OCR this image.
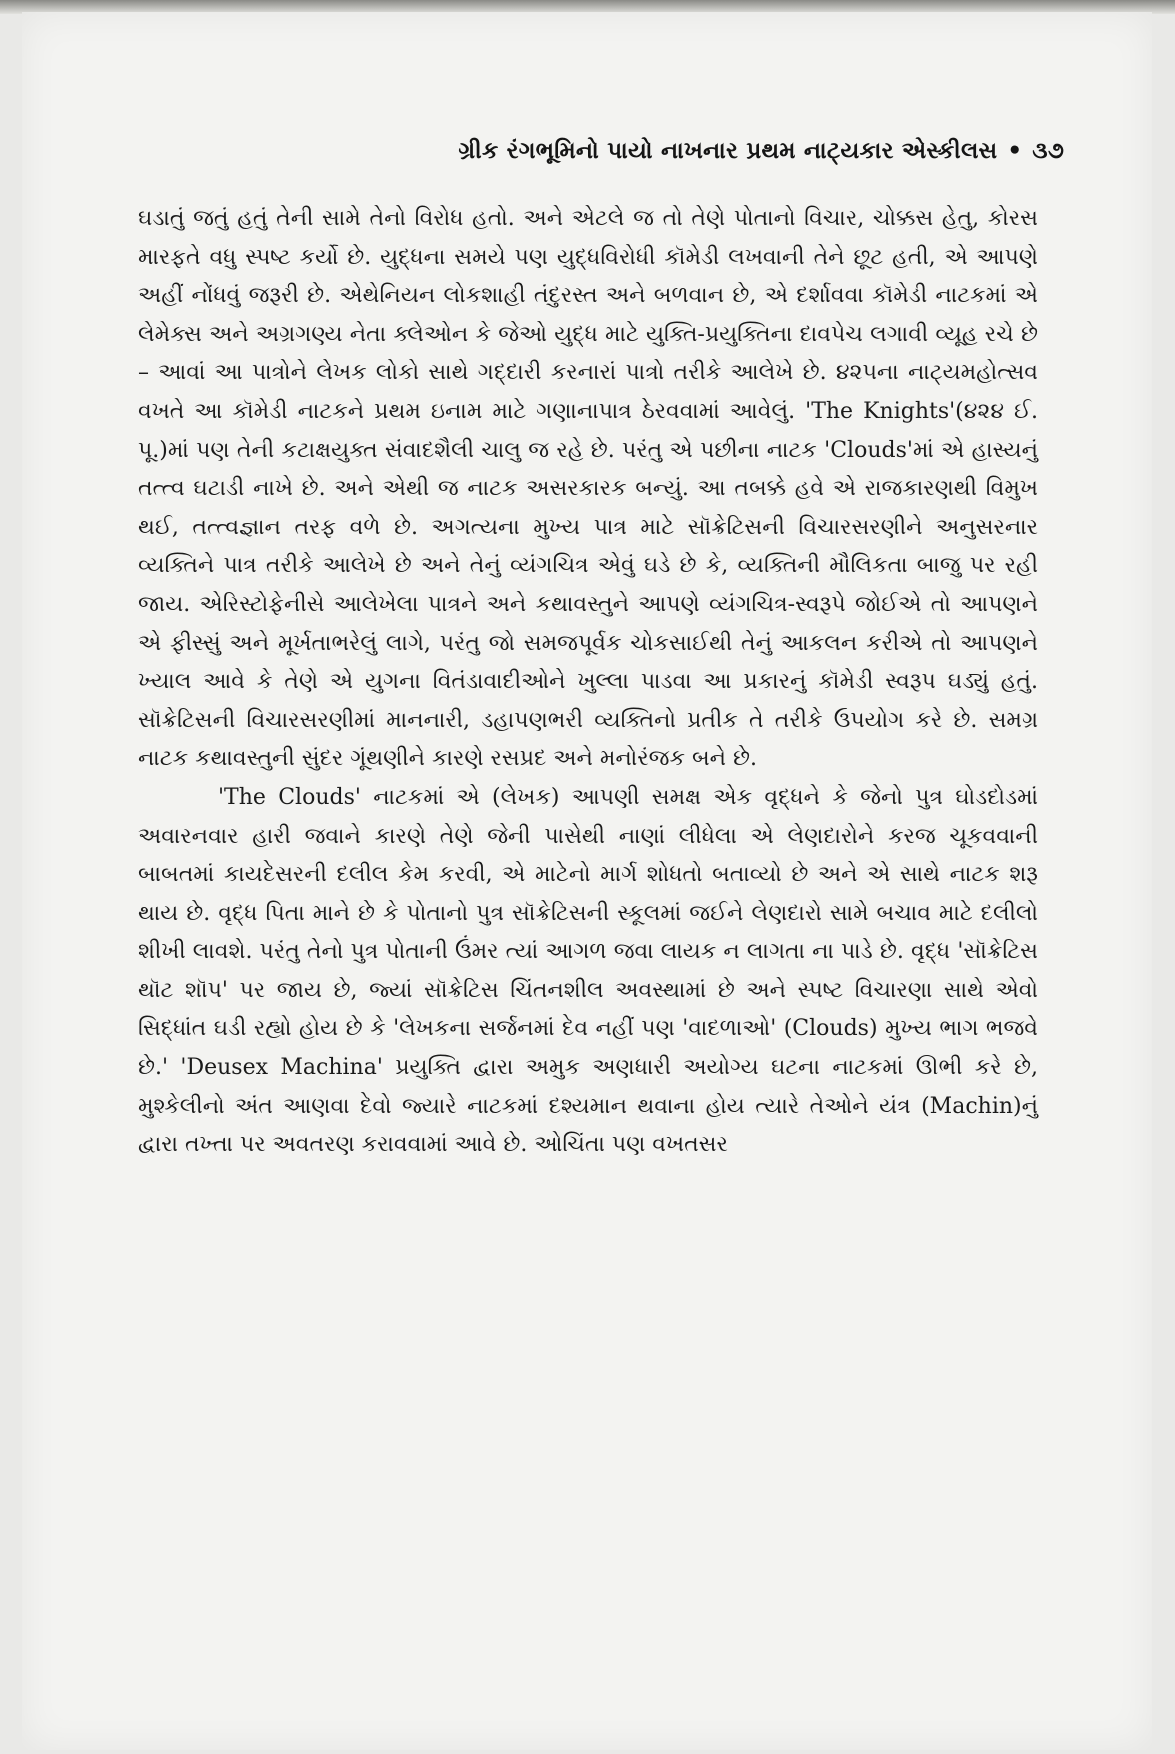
ગ્રીક રંગભૂમિનો પાયો નાખનાર પ્રથમ નાટ્યકાર એસ્કીલસ • ૩૭

ઘડાતું જતું હતું તેની સામે તેનો વિરોધ હતો. અને એટલે જ તો તેણે પોતાનો વિચાર, ચોક્કસ હેતુ, કોરસ મારફતે વધુ સ્પષ્ટ કર્યો છે. યુદ્ધના સમયે પણ યુદ્ધવિરોધી કૉમેડી લખવાની તેને છૂટ હતી, એ આપણે અહીં નોંધવું જરૂરી છે. એથેનિયન લોકશાહી તંદુરસ્ત અને બળવાન છે, એ દર્શાવવા કૉમેડી નાટકમાં એ લેમેક્સ અને અગ્રગણ્ય નેતા ક્લેઓન કે જેઓ યુદ્ધ માટે યુક્તિ-પ્રયુક્તિના દાવપેચ લગાવી વ્યૂહ રચે છે – આવાં આ પાત્રોને લેખક લોકો સાથે ગદ્દારી કરનારાં પાત્રો તરીકે આલેખે છે. ૪૨૫ના નાટ્યમહોત્સવ વખતે આ કૉમેડી નાટકને પ્રથમ ઇનામ માટે ગણાનાપાત્ર ઠેરવવામાં આવેલું. 'The Knights'(૪૨૪ ઈ. પૂ.)માં પણ તેની કટાક્ષયુક્ત સંવાદશૈલી ચાલુ જ રહે છે. પરંતુ એ પછીના નાટક 'Clouds'માં એ હાસ્યનું તત્ત્વ ઘટાડી નાખે છે. અને એથી જ નાટક અસરકારક બન્યું. આ તબક્કે હવે એ રાજકારણથી વિમુખ થઈ, તત્ત્વજ્ઞાન તરફ વળે છે. અગત્યના મુખ્ય પાત્ર માટે સૉક્રેટિસની વિચારસરણીને અનુસરનાર વ્યક્તિને પાત્ર તરીકે આલેખે છે અને તેનું વ્યંગચિત્ર એવું ઘડે છે કે, વ્યક્તિની મૌલિકતા બાજુ પર રહી જાય. એરિસ્ટોફેનીસે આલેખેલા પાત્રને અને કથાવસ્તુને આપણે વ્યંગચિત્ર-સ્વરૂપે જોઈએ તો આપણને એ ફીસ્સું અને મૂર્ખતાભરેલું લાગે, પરંતુ જો સમજપૂર્વક ચોકસાઈથી તેનું આકલન કરીએ તો આપણને ખ્યાલ આવે કે તેણે એ યુગના વિતંડાવાદીઓને ખુલ્લા પાડવા આ પ્રકારનું કૉમેડી સ્વરૂપ ઘડ્યું હતું. સૉક્રેટિસની વિચારસરણીમાં માનનારી, ડહાપણભરી વ્યક્તિનો પ્રતીક તે તરીકે ઉપયોગ કરે છે. સમગ્ર નાટક કથાવસ્તુની સુંદર ગૂંથણીને કારણે રસપ્રદ અને મનોરંજક બને છે.

'The Clouds' નાટકમાં એ (લેખક) આપણી સમક્ષ એક વૃદ્ધને કે જેનો પુત્ર ઘોડદોડમાં અવારનવાર હારી જવાને કારણે તેણે જેની પાસેથી નાણાં લીધેલા એ લેણદારોને કરજ ચૂકવવાની બાબતમાં કાયદેસરની દલીલ કેમ કરવી, એ માટેનો માર્ગ શોધતો બતાવ્યો છે અને એ સાથે નાટક શરૂ થાય છે. વૃદ્ધ પિતા માને છે કે પોતાનો પુત્ર સૉક્રેટિસની સ્કૂલમાં જઈને લેણદારો સામે બચાવ માટે દલીલો શીખી લાવશે. પરંતુ તેનો પુત્ર પોતાની ઉંમર ત્યાં આગળ જવા લાયક ન લાગતા ના પાડે છે. વૃદ્ધ 'સૉક્રેટિસ થૉટ શૉપ' પર જાય છે, જ્યાં સૉક્રેટિસ ચિંતનશીલ અવસ્થામાં છે અને સ્પષ્ટ વિચારણા સાથે એવો સિદ્ધાંત ઘડી રહ્યો હોય છે કે 'લેખકના સર્જનમાં દેવ નહીં પણ 'વાદળાઓ' (Clouds) મુખ્ય ભાગ ભજવે છે.' 'Deusex Machina' પ્રયુક્તિ દ્વારા અમુક અણધારી અયોગ્ય ઘટના નાટકમાં ઊભી કરે છે, મુશ્કેલીનો અંત આણવા દેવો જ્યારે નાટકમાં દશ્યમાન થવાના હોય ત્યારે તેઓને યંત્ર (Machin)નું દ્વારા તખ્તા પર અવતરણ કરાવવામાં આવે છે. ઓચિંતા પણ વખતસર
